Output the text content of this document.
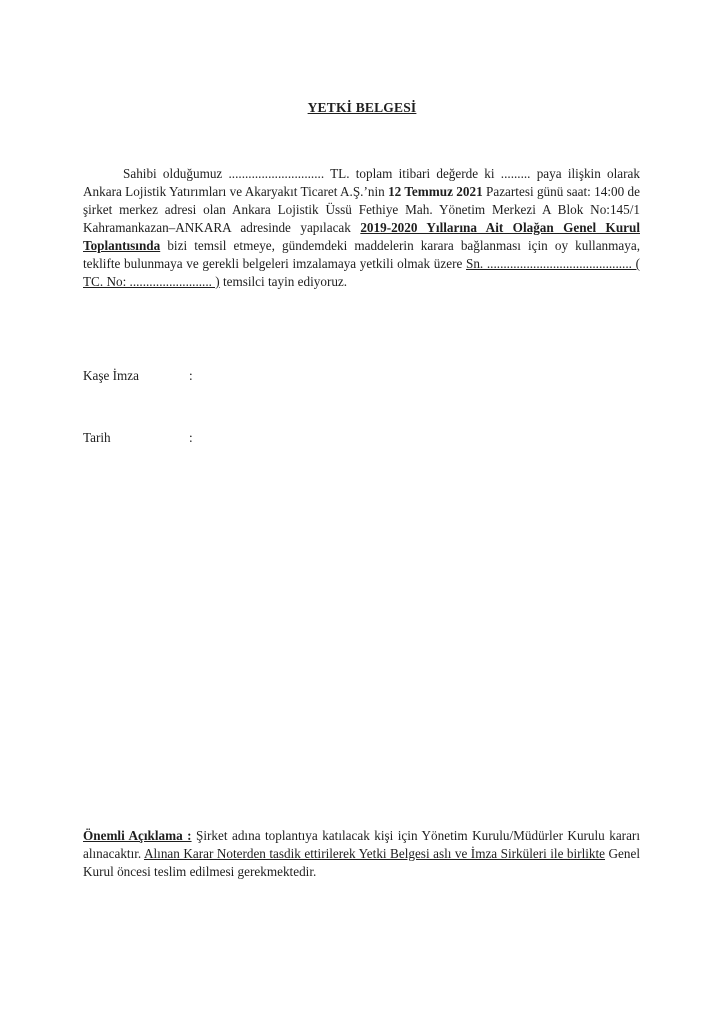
YETKİ BELGESİ
Sahibi olduğumuz ............................. TL. toplam itibari değerde ki ......... paya ilişkin olarak Ankara Lojistik Yatırımları ve Akaryakıt Ticaret A.Ş.’nin 12 Temmuz 2021 Pazartesi günü saat: 14:00 de şirket merkez adresi olan Ankara Lojistik Üssü Fethiye Mah. Yönetim Merkezi A Blok No:145/1 Kahramankazan–ANKARA adresinde yapılacak 2019-2020 Yıllarına Ait Olağan Genel Kurul Toplantısında bizi temsil etmeye, gündemdeki maddelerin karara bağlanması için oy kullanmaya, teklifte bulunmaya ve gerekli belgeleri imzalamaya yetkili olmak üzere Sn. ............................................ ( TC. No: ......................... ) temsilci tayin ediyoruz.
Kaşe İmza	:
Tarih	:
Önemli Açıklama : Şirket adına toplantıya katılacak kişi için Yönetim Kurulu/Müdürler Kurulu kararı alınacaktır. Alınan Karar Noterden tasdik ettirilerek Yetki Belgesi aslı ve İmza Sirküleri ile birlikte Genel Kurul öncesi teslim edilmesi gerekmektedir.
